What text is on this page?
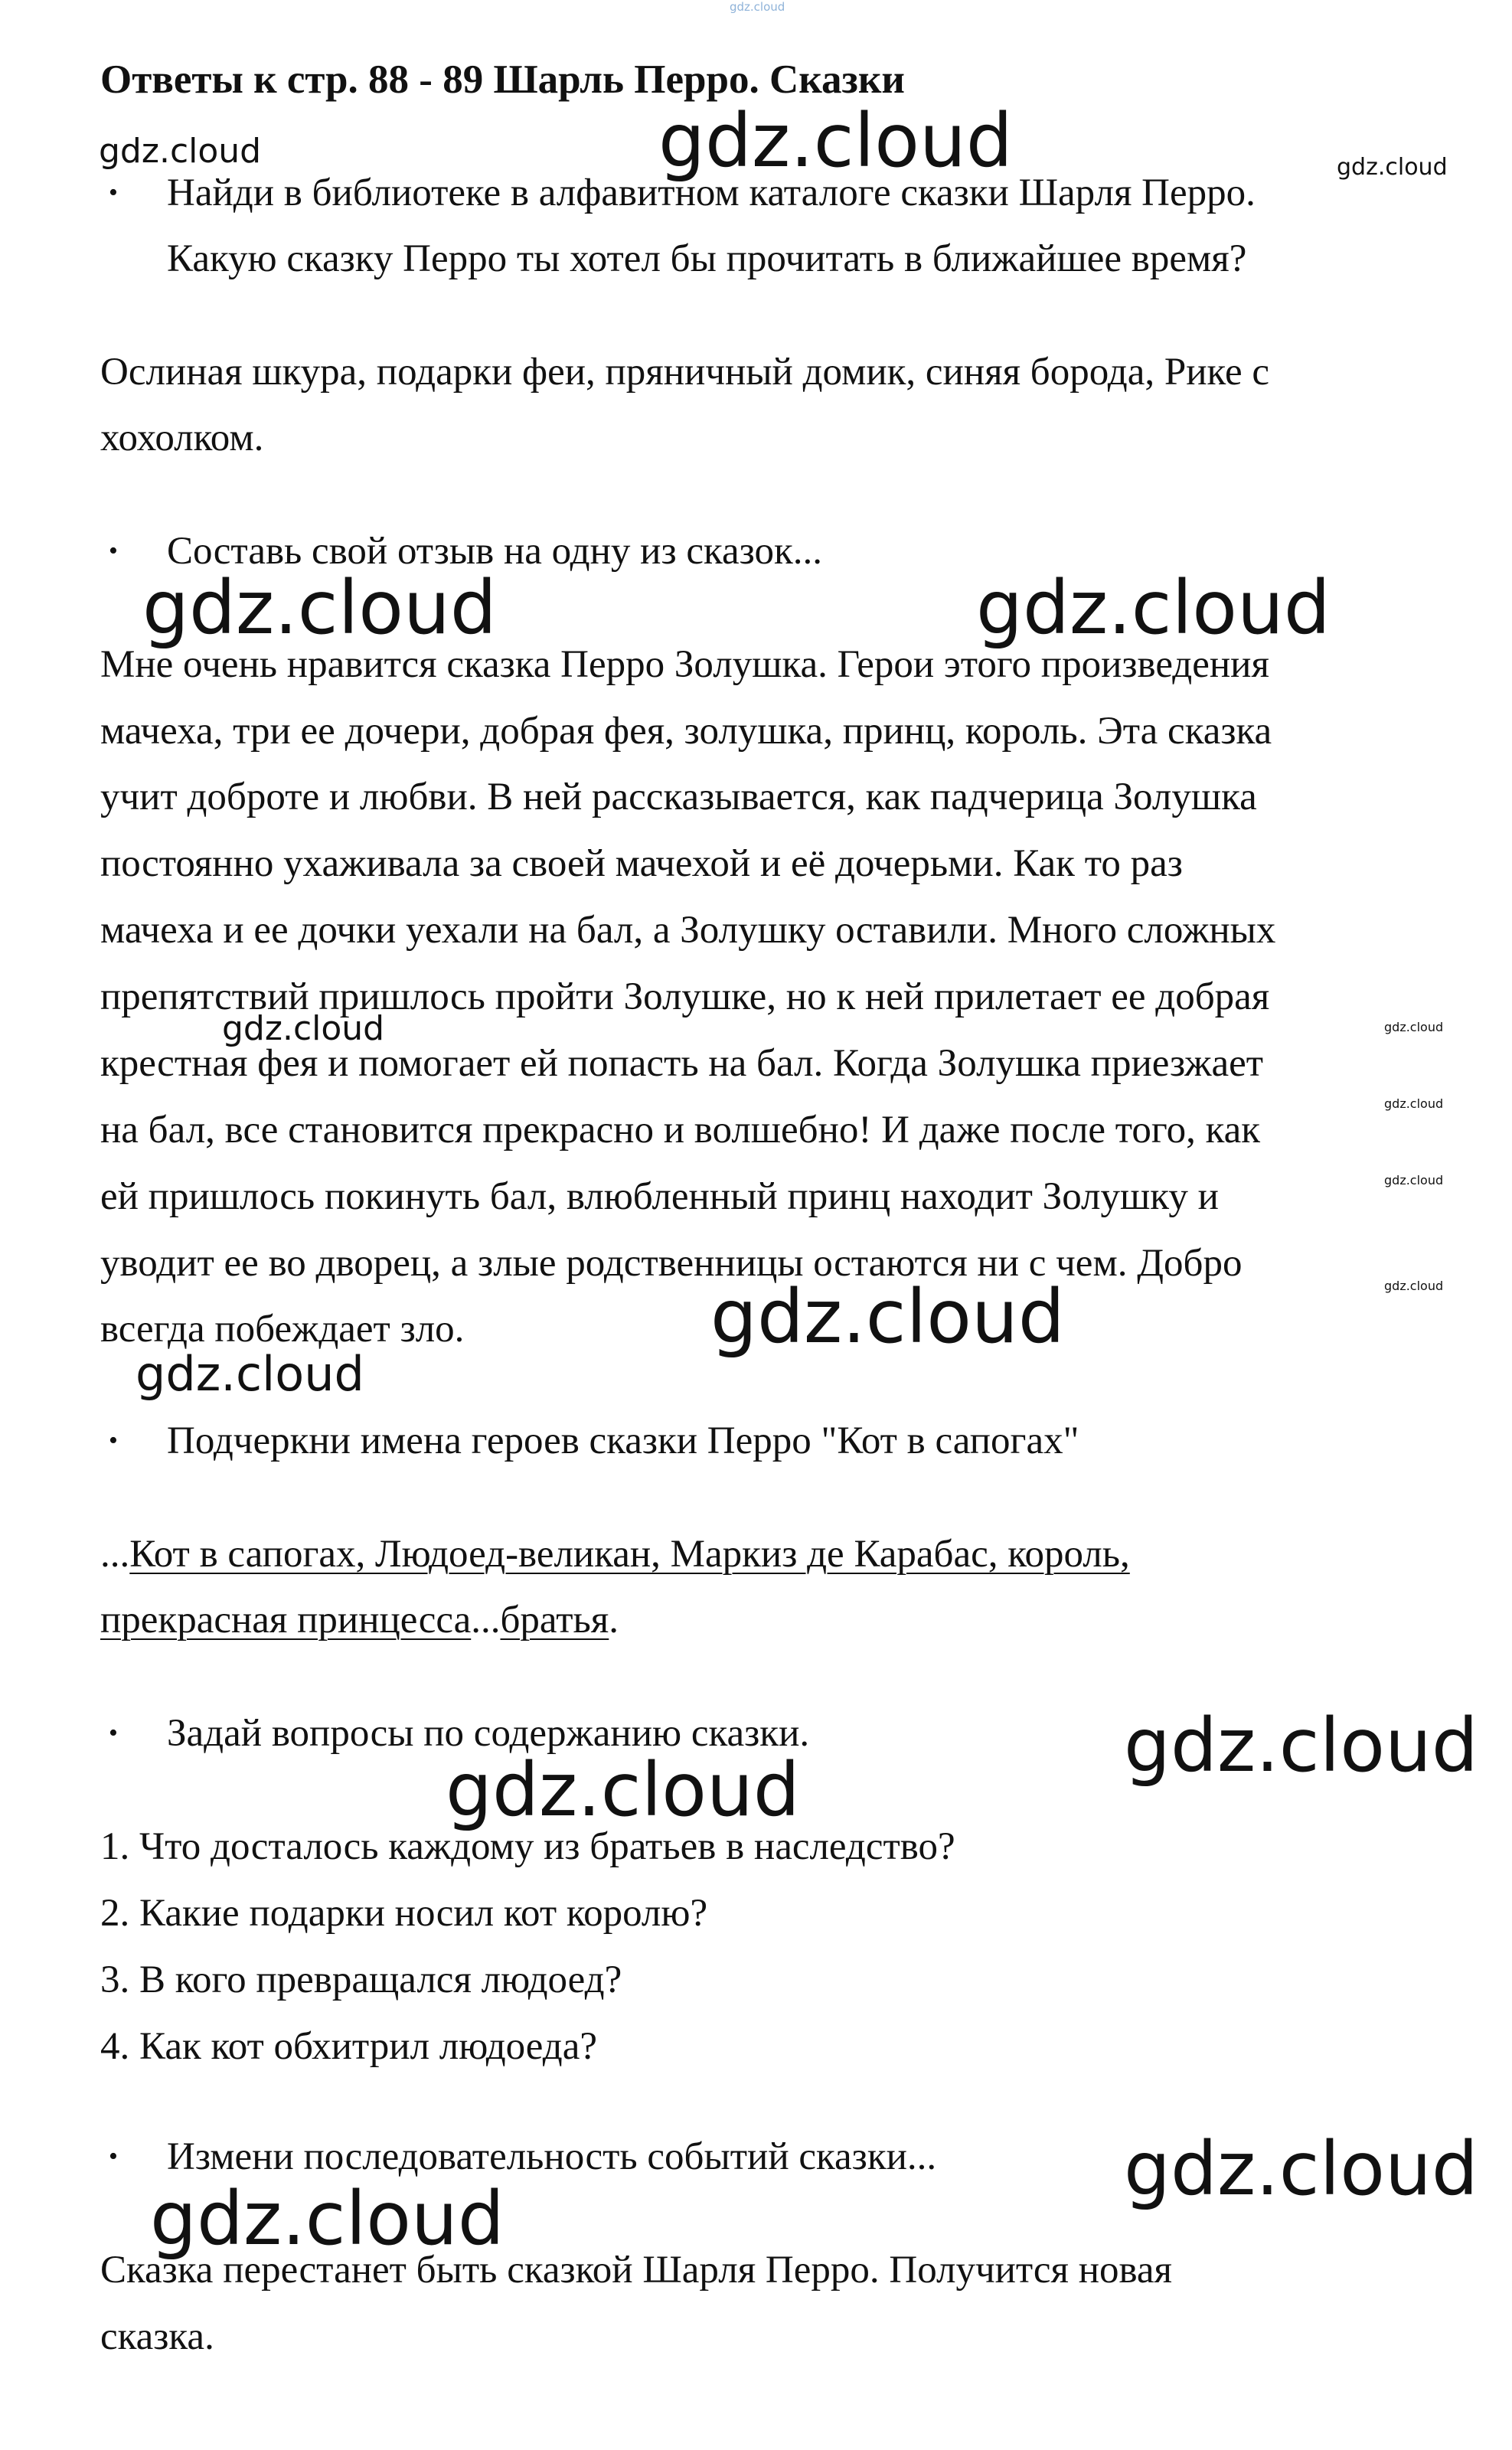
gdz.cloud
Ответы к стр. 88 - 89 Шарль Перро. Сказки
• Найди в библиотеке в алфавитном каталоге сказки Шарля Перро.
Какую сказку Перро ты хотел бы прочитать в ближайшее время?
Ослиная шкура, подарки феи, пряничный домик, синяя борода, Рике с
хохолком.
• Составь свой отзыв на одну из сказок...
Мне очень нравится сказка Перро Золушка. Герои этого произведения
мачеха, три ее дочери, добрая фея, золушка, принц, король. Эта сказка
учит доброте и любви. В ней рассказывается, как падчерица Золушка
постоянно ухаживала за своей мачехой и её дочерьми. Как то раз
мачеха и ее дочки уехали на бал, а Золушку оставили. Много сложных
препятствий пришлось пройти Золушке, но к ней прилетает ее добрая
крестная фея и помогает ей попасть на бал. Когда Золушка приезжает
на бал, все становится прекрасно и волшебно! И даже после того, как
ей пришлось покинуть бал, влюбленный принц находит Золушку и
уводит ее во дворец, а злые родственницы остаются ни с чем. Добро
всегда побеждает зло.
• Подчеркни имена героев сказки Перро "Кот в сапогах"
...Кот в сапогах, Людоед-великан, Маркиз де Карабас, король,
прекрасная принцесса...братья.
• Задай вопросы по содержанию сказки.
1. Что досталось каждому из братьев в наследство?
2. Какие подарки носил кот королю?
3. В кого превращался людоед?
4. Как кот обхитрил людоеда?
• Измени последовательность событий сказки...
Сказка перестанет быть сказкой Шарля Перро. Получится новая
сказка.
gdz.cloud	gdz.cloud	gdz.cloud
gdz.cloud	gdz.cloud
gdz.cloud	gdz.cloud
gdz.cloud
gdz.cloud
gdz.cloud
gdz.cloud
gdz.cloud
gdz.cloud
gdz.cloud
gdz.cloud
gdz.cloud
